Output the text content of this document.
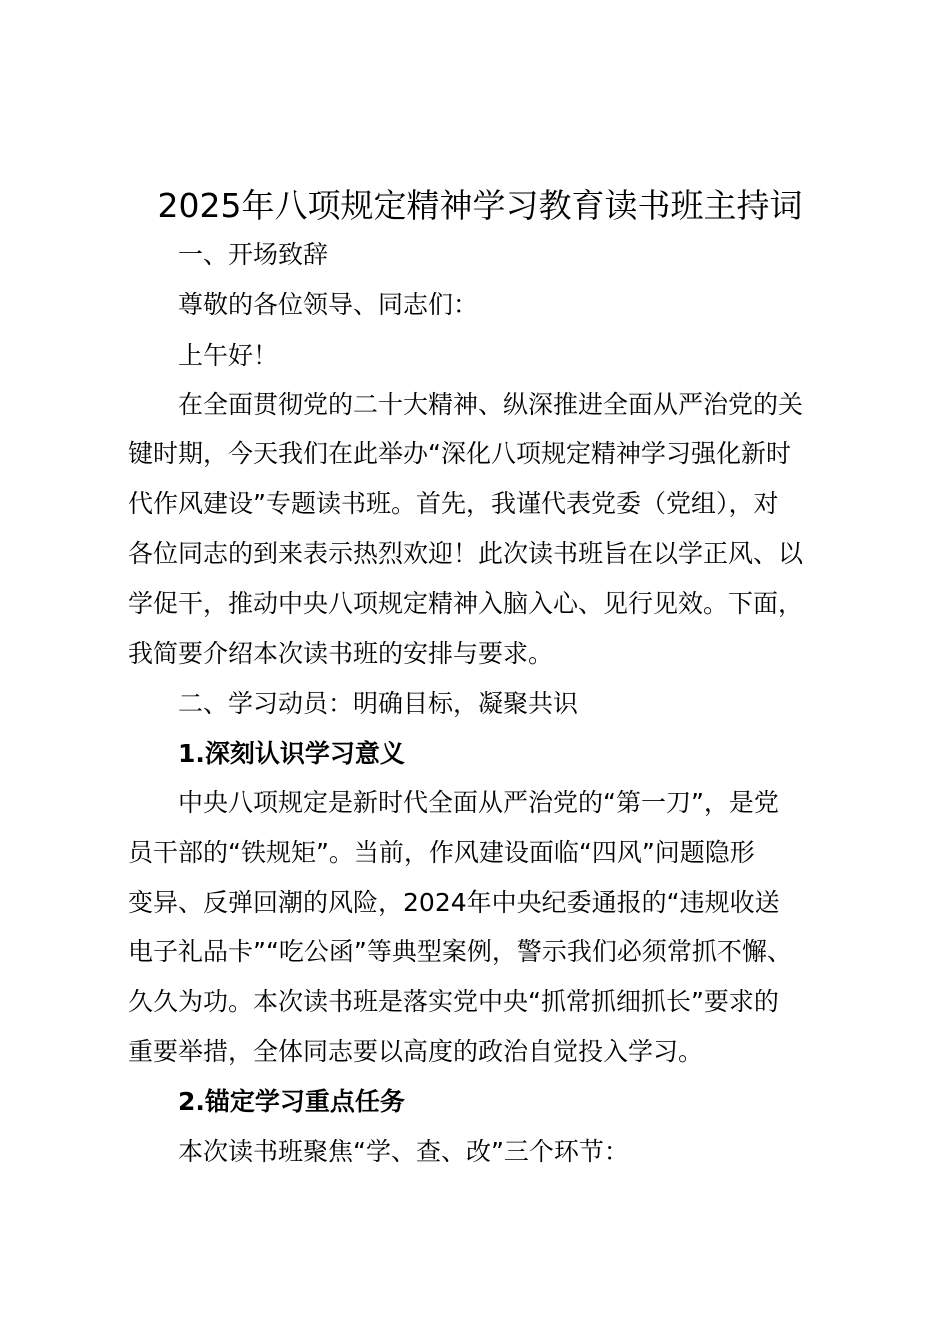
2025年八项规定精神学习教育读书班主持词

一、开场致辞

尊敬的各位领导、同志们：

上午好！

在全面贯彻党的二十大精神、纵深推进全面从严治党的关

键时期，今天我们在此举办“深化八项规定精神学习强化新时

代作风建设”专题读书班。首先，我谨代表党委（党组），对

各位同志的到来表示热烈欢迎！此次读书班旨在以学正风、以

学促干，推动中央八项规定精神入脑入心、见行见效。下面，

我简要介绍本次读书班的安排与要求。

二、学习动员：明确目标，凝聚共识

1.深刻认识学习意义

中央八项规定是新时代全面从严治党的“第一刀”，是党

员干部的“铁规矩”。当前，作风建设面临“四风”问题隐形

变异、反弹回潮的风险，2024年中央纪委通报的“违规收送

电子礼品卡”“吃公函”等典型案例，警示我们必须常抓不懈、

久久为功。本次读书班是落实党中央“抓常抓细抓长”要求的

重要举措，全体同志要以高度的政治自觉投入学习。

2.锚定学习重点任务

本次读书班聚焦“学、查、改”三个环节：
